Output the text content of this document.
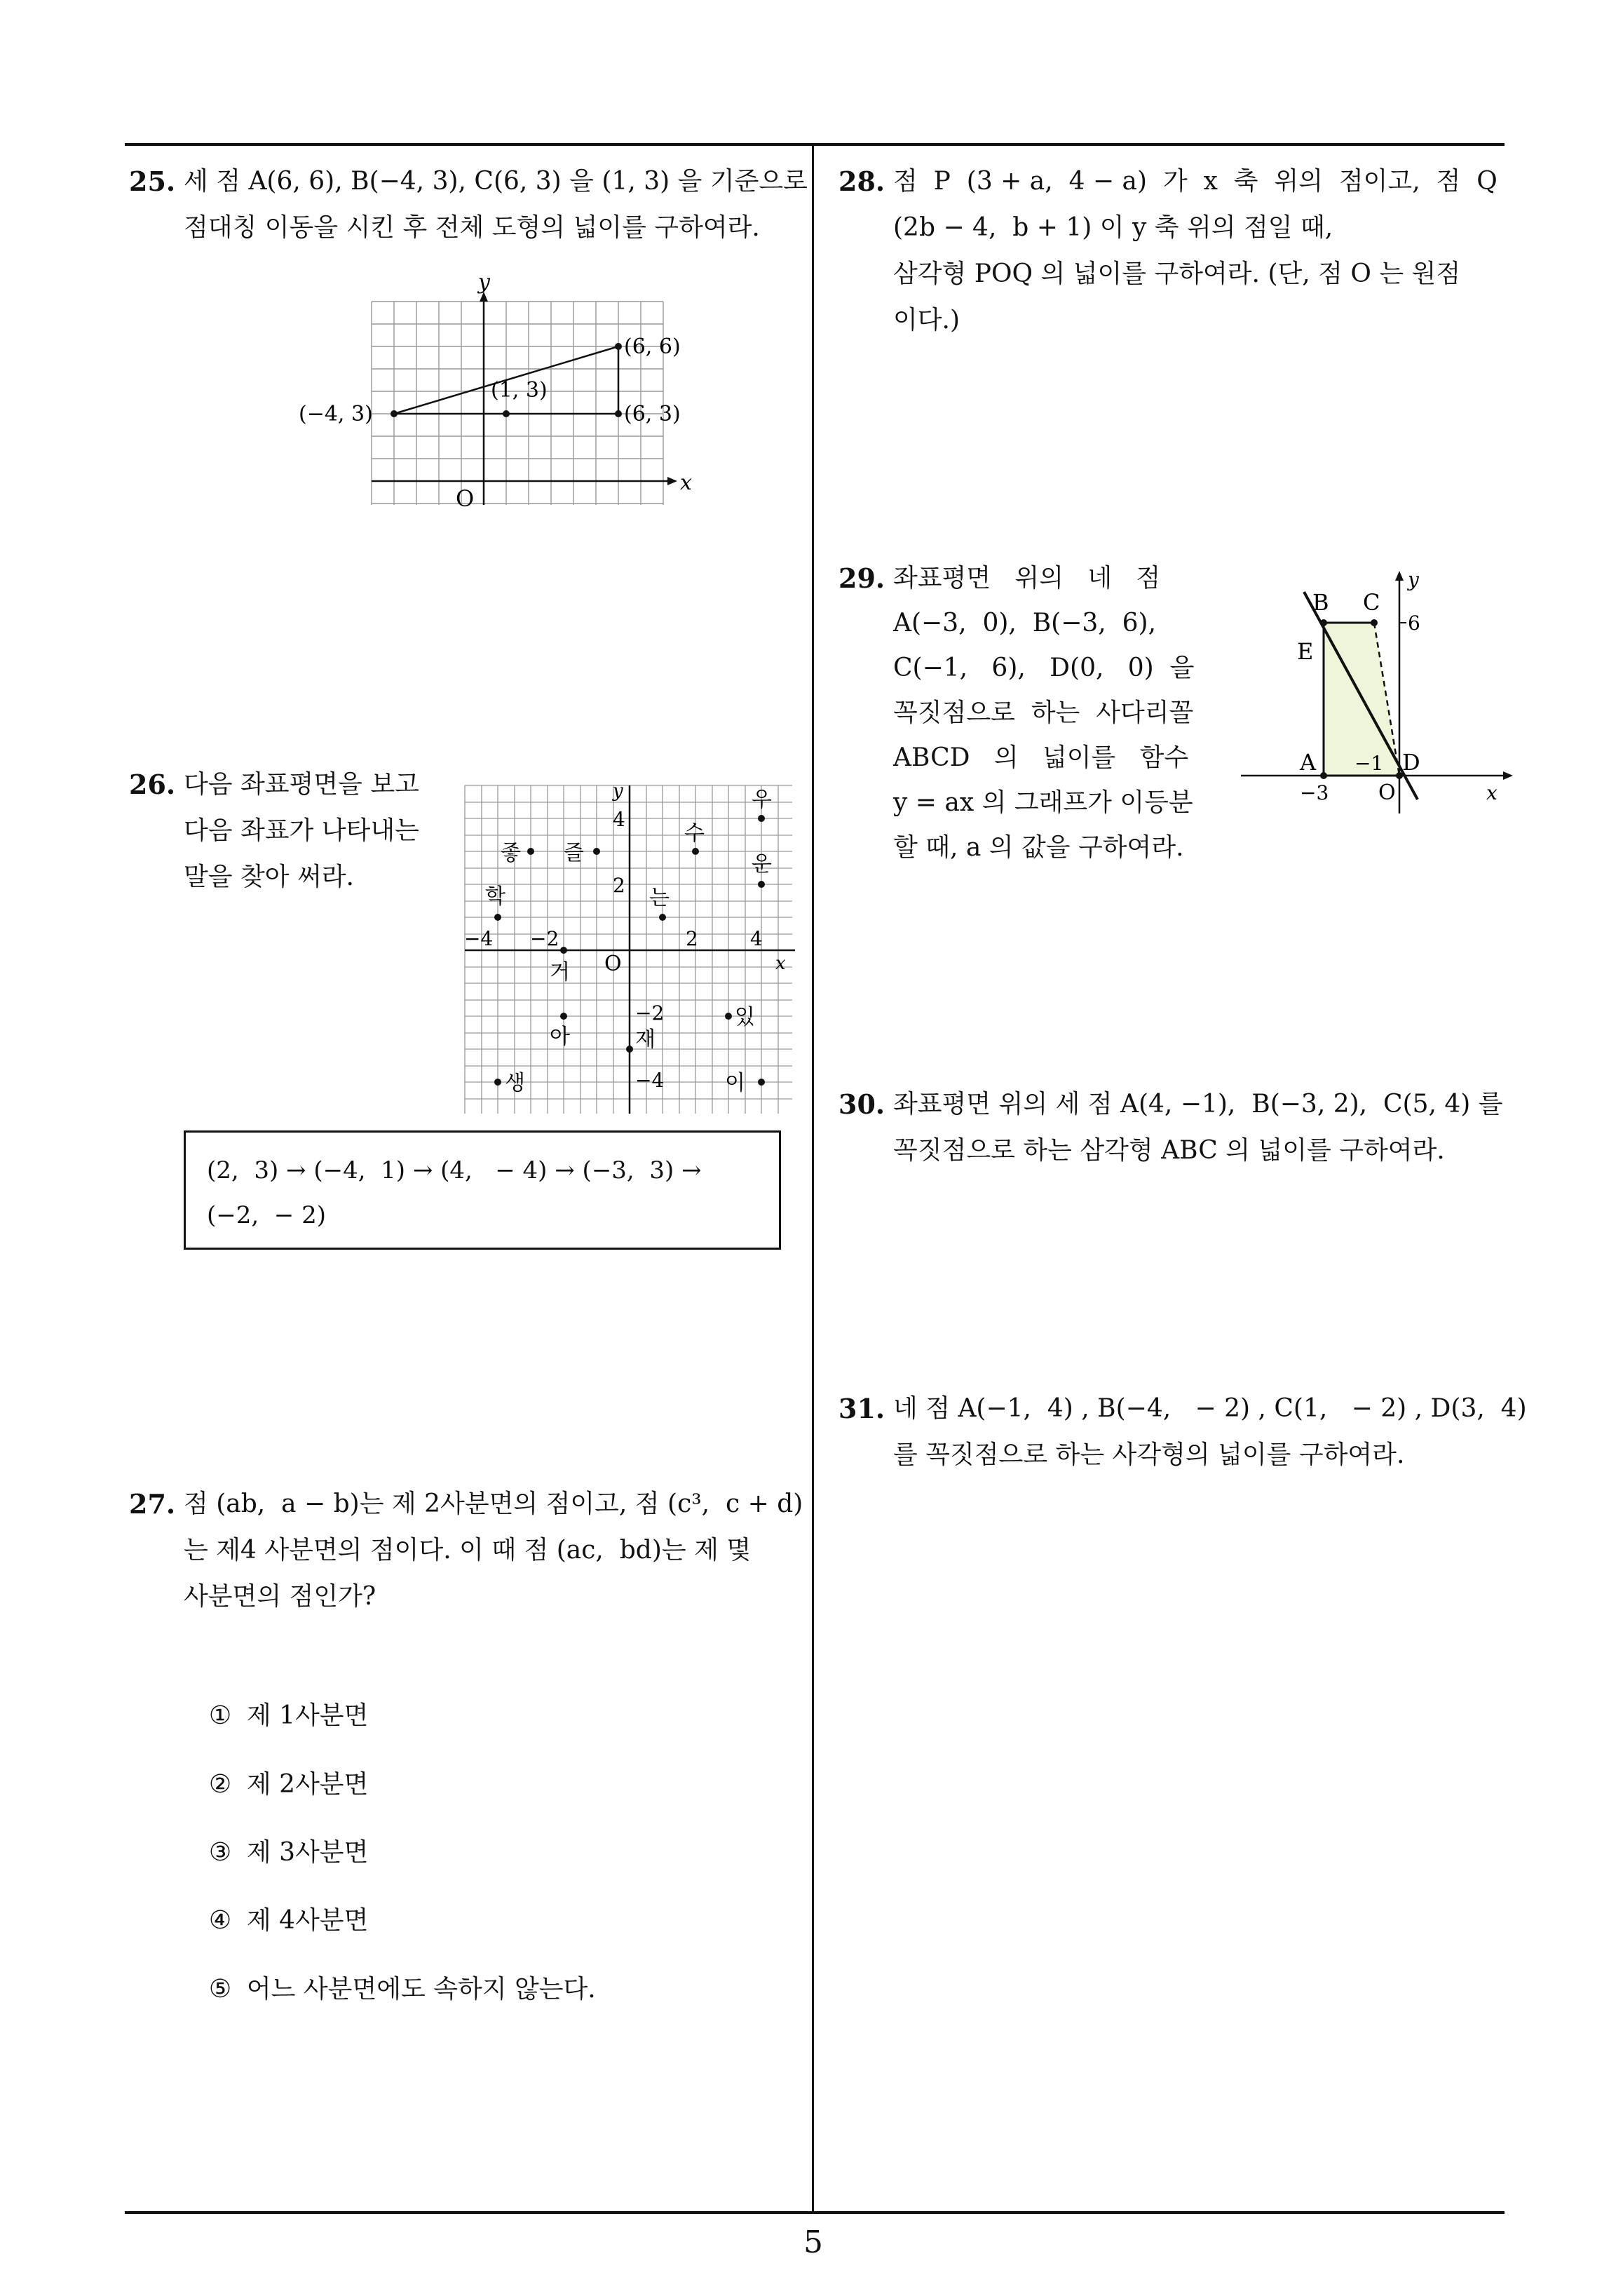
5
25. 세 점 A(6, 6), B(−4, 3), C(6, 3) 을 (1, 3) 을 기준으로
점대칭 이동을 시킨 후 전체 도형의 넓이를 구하여라.
y
x
O
(6, 6)
(−4, 3)	(6, 3)
(1, 3)
26. 다음 좌표평면을 보고
다음 좌표가 나타내는
말을 찾아 써라.
y
x
O
−4 −2	2	4
4
2
−2
−4
우
수
좋 즐	운
학	는
거
아
있
재
생	이
(2,  3) → (−4,  1) → (4,   − 4) → (−3,  3) →
(−2,  − 2)
27. 점 (ab,  a − b)는 제 2사분면의 점이고, 점 (c³,  c + d)
는 제4 사분면의 점이다. 이 때 점 (ac,  bd)는 제 몇
사분면의 점인가?

① 제 1사분면

② 제 2사분면

③ 제 3사분면

④ 제 4사분면

⑤ 어느 사분면에도 속하지 않는다.

28. 점  P  (3 + a,  4 − a)  가  x  축  위의  점이고,  점  Q
(2b − 4,  b + 1) 이 y 축 위의 점일 때,
삼각형 POQ 의 넓이를 구하여라. (단, 점 O 는 원점
이다.)
29. 좌표평면   위의   네   점
A(−3,  0),  B(−3,  6),
C(−1,   6),   D(0,   0)  을
꼭짓점으로  하는  사다리꼴
ABCD   의   넓이를   함수
y = ax 의 그래프가 이등분
할 때, a 의 값을 구하여라.
y
x
O
B C
E
A	D
6
−1
−3
30. 좌표평면 위의 세 점 A(4, −1),  B(−3, 2),  C(5, 4) 를
꼭짓점으로 하는 삼각형 ABC 의 넓이를 구하여라.
31. 네 점 A(−1,  4) , B(−4,   − 2) , C(1,   − 2) , D(3,  4)
를 꼭짓점으로 하는 사각형의 넓이를 구하여라.
